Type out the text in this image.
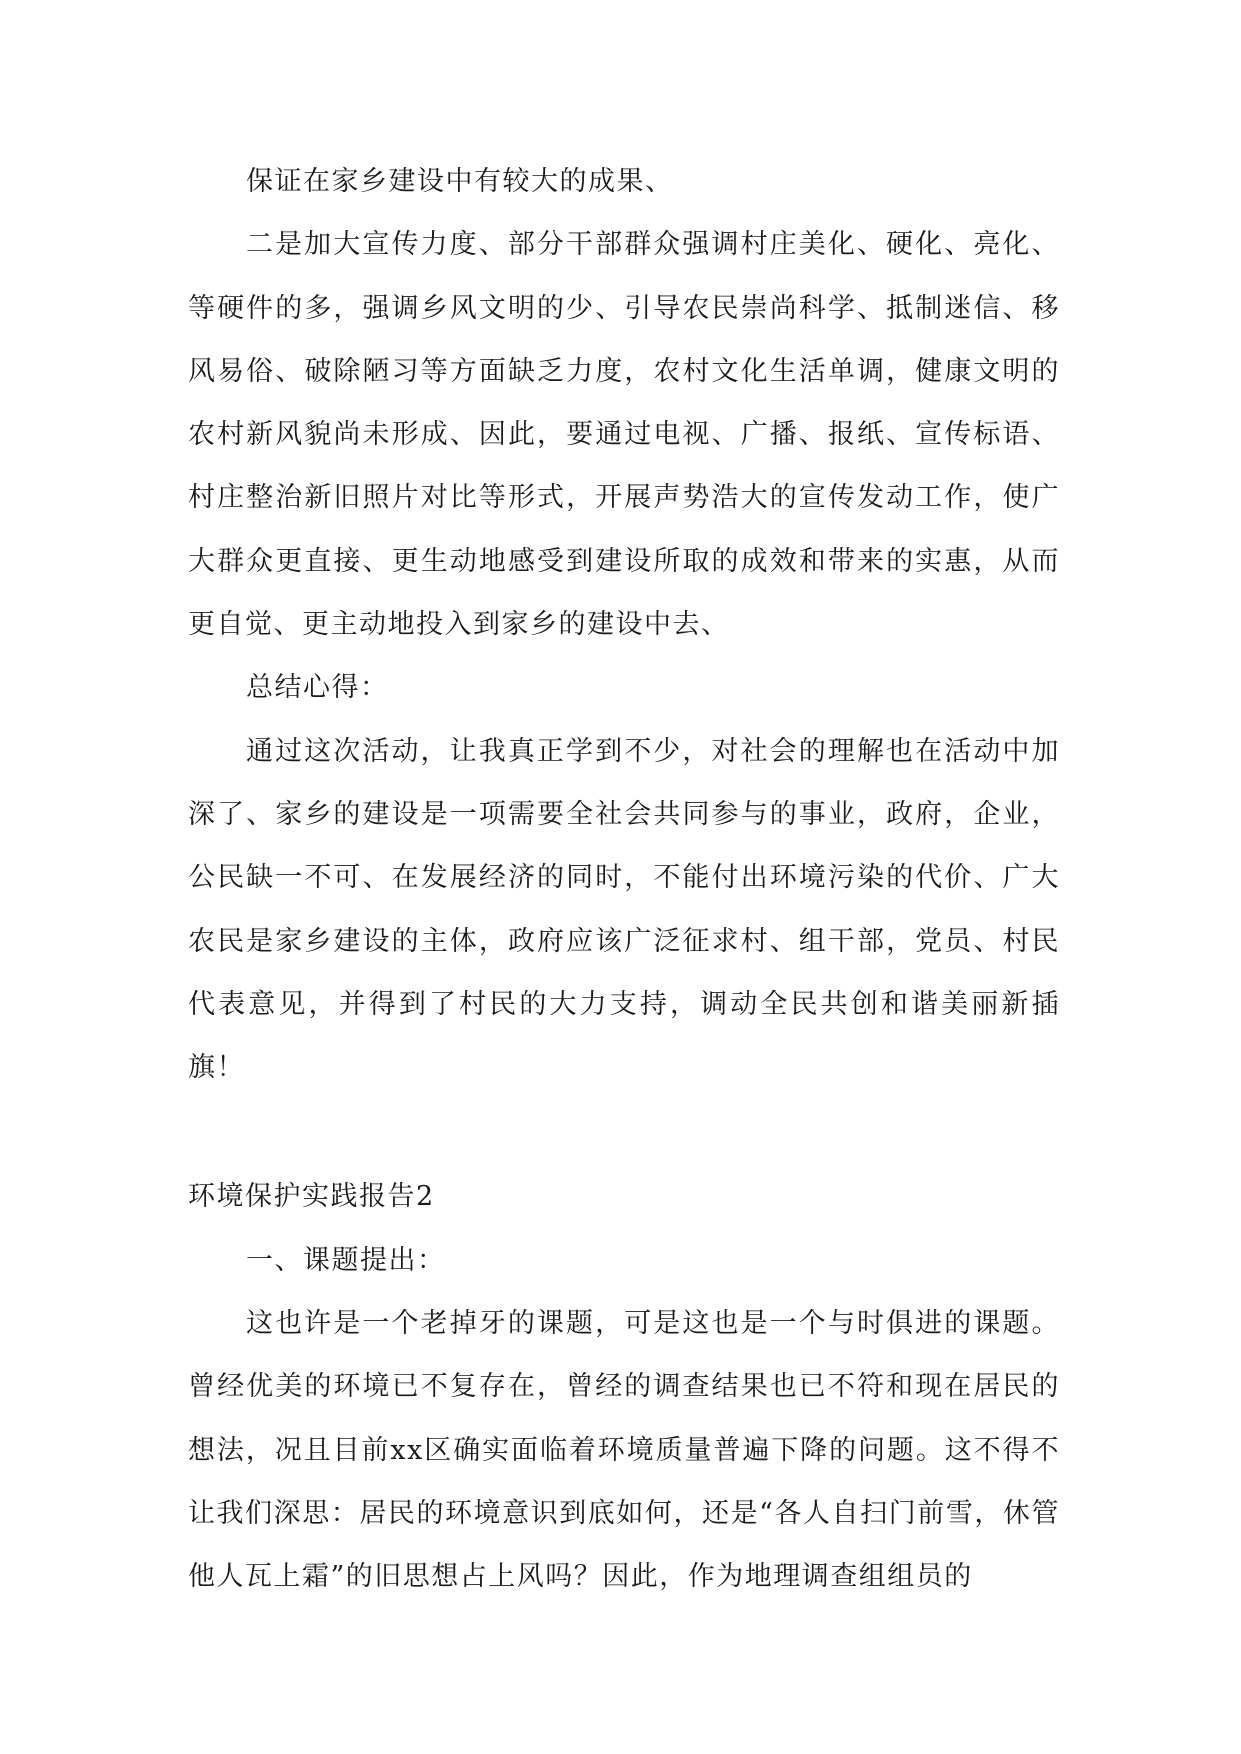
保证在家乡建设中有较大的成果、

二是加大宣传力度、部分干部群众强调村庄美化、硬化、亮化、等硬件的多，强调乡风文明的少、引导农民崇尚科学、抵制迷信、移风易俗、破除陋习等方面缺乏力度，农村文化生活单调，健康文明的农村新风貌尚未形成、因此，要通过电视、广播、报纸、宣传标语、村庄整治新旧照片对比等形式，开展声势浩大的宣传发动工作，使广大群众更直接、更生动地感受到建设所取的成效和带来的实惠，从而更自觉、更主动地投入到家乡的建设中去、

总结心得：

通过这次活动，让我真正学到不少，对社会的理解也在活动中加深了、家乡的建设是一项需要全社会共同参与的事业，政府，企业，公民缺一不可、在发展经济的同时，不能付出环境污染的代价、广大农民是家乡建设的主体，政府应该广泛征求村、组干部，党员、村民代表意见，并得到了村民的大力支持，调动全民共创和谐美丽新插旗！

环境保护实践报告2

一、课题提出：

这也许是一个老掉牙的课题，可是这也是一个与时俱进的课题。曾经优美的环境已不复存在，曾经的调查结果也已不符和现在居民的想法，况且目前xx区确实面临着环境质量普遍下降的问题。这不得不让我们深思：居民的环境意识到底如何，还是“各人自扫门前雪，休管他人瓦上霜”的旧思想占上风吗？因此，作为地理调查组组员的
